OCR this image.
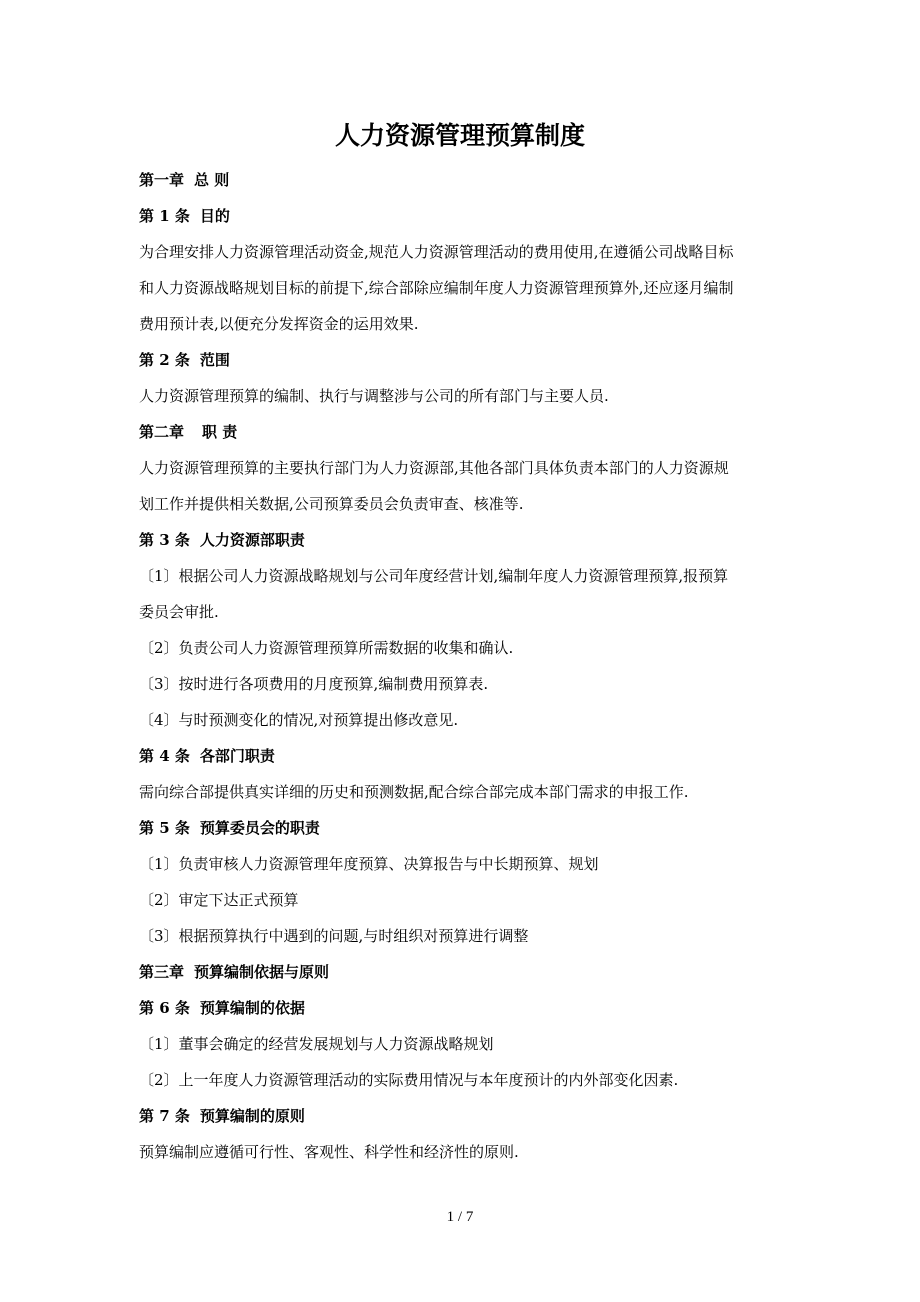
人力资源管理预算制度
第一章 总 则
第 1 条 目的
为合理安排人力资源管理活动资金,规范人力资源管理活动的费用使用,在遵循公司战略目标
和人力资源战略规划目标的前提下,综合部除应编制年度人力资源管理预算外,还应逐月编制
费用预计表,以便充分发挥资金的运用效果.
第 2 条 范围
人力资源管理预算的编制、执行与调整涉与公司的所有部门与主要人员.
第二章 职 责
人力资源管理预算的主要执行部门为人力资源部,其他各部门具体负责本部门的人力资源规
划工作并提供相关数据,公司预算委员会负责审查、核准等.
第 3 条 人力资源部职责
〔1〕根据公司人力资源战略规划与公司年度经营计划,编制年度人力资源管理预算,报预算
委员会审批.
〔2〕负责公司人力资源管理预算所需数据的收集和确认.
〔3〕按时进行各项费用的月度预算,编制费用预算表.
〔4〕与时预测变化的情况,对预算提出修改意见.
第 4 条 各部门职责
需向综合部提供真实详细的历史和预测数据,配合综合部完成本部门需求的申报工作.
第 5 条 预算委员会的职责
〔1〕负责审核人力资源管理年度预算、决算报告与中长期预算、规划
〔2〕审定下达正式预算
〔3〕根据预算执行中遇到的问题,与时组织对预算进行调整
第三章 预算编制依据与原则
第 6 条 预算编制的依据
〔1〕董事会确定的经营发展规划与人力资源战略规划
〔2〕上一年度人力资源管理活动的实际费用情况与本年度预计的内外部变化因素.
第 7 条 预算编制的原则
预算编制应遵循可行性、客观性、科学性和经济性的原则.
1 / 7
